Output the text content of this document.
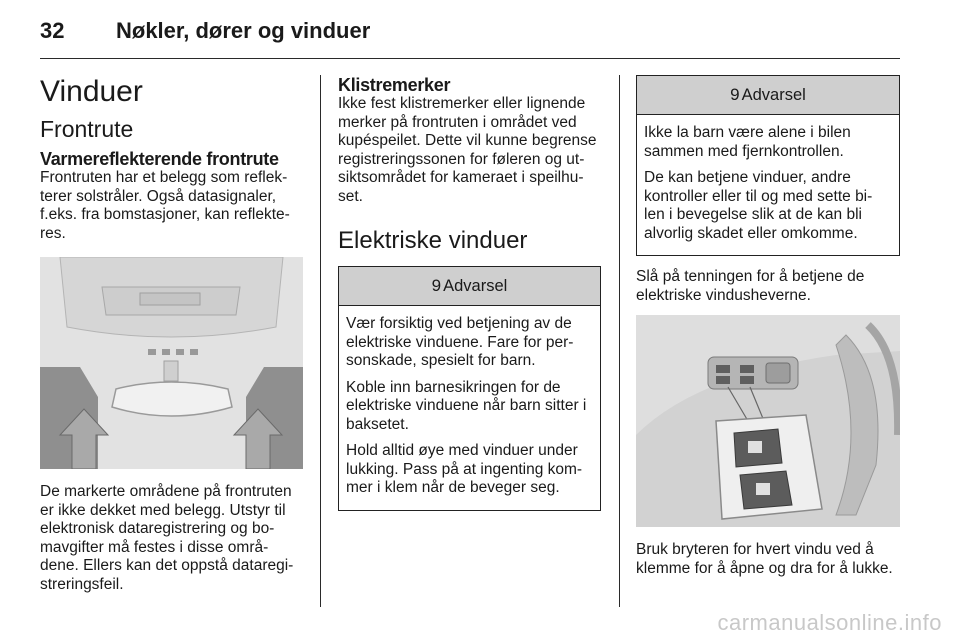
32 Nøkler, dører og vinduer
Vinduer
Frontrute
Varmereflekterende frontrute

Frontruten har et belegg som reflek-terer solstråler. Også datasignaler, f.eks. fra bomstasjoner, kan reflekte-res.

De markerte områdene på frontruten er ikke dekket med belegg. Utstyr til elektronisk dataregistrering og bo-mavgifter må festes i disse områ-dene. Ellers kan det oppstå dataregi-streringsfeil.

Klistremerker

Ikke fest klistremerker eller lignende merker på frontruten i området ved kupéspeilet. Dette vil kunne begrense registreringssonen for føleren og ut-siktsområdet for kameraet i speilhu-set.

Elektriske vinduer
9 Advarsel

Vær forsiktig ved betjening av de elektriske vinduene. Fare for per-sonskade, spesielt for barn.

Koble inn barnesikringen for de elektriske vinduene når barn sitter i baksetet.

Hold alltid øye med vinduer under lukking. Pass på at ingenting kom-mer i klem når de beveger seg.

9 Advarsel

Ikke la barn være alene i bilen sammen med fjernkontrollen.

De kan betjene vinduer, andre kontroller eller til og med sette bi-len i bevegelse slik at de kan bli alvorlig skadet eller omkomme.

Slå på tenningen for å betjene de elektriske vindusheverne.

Bruk bryteren for hvert vindu ved å klemme for å åpne og dra for å lukke.

carmanualsonline.info
